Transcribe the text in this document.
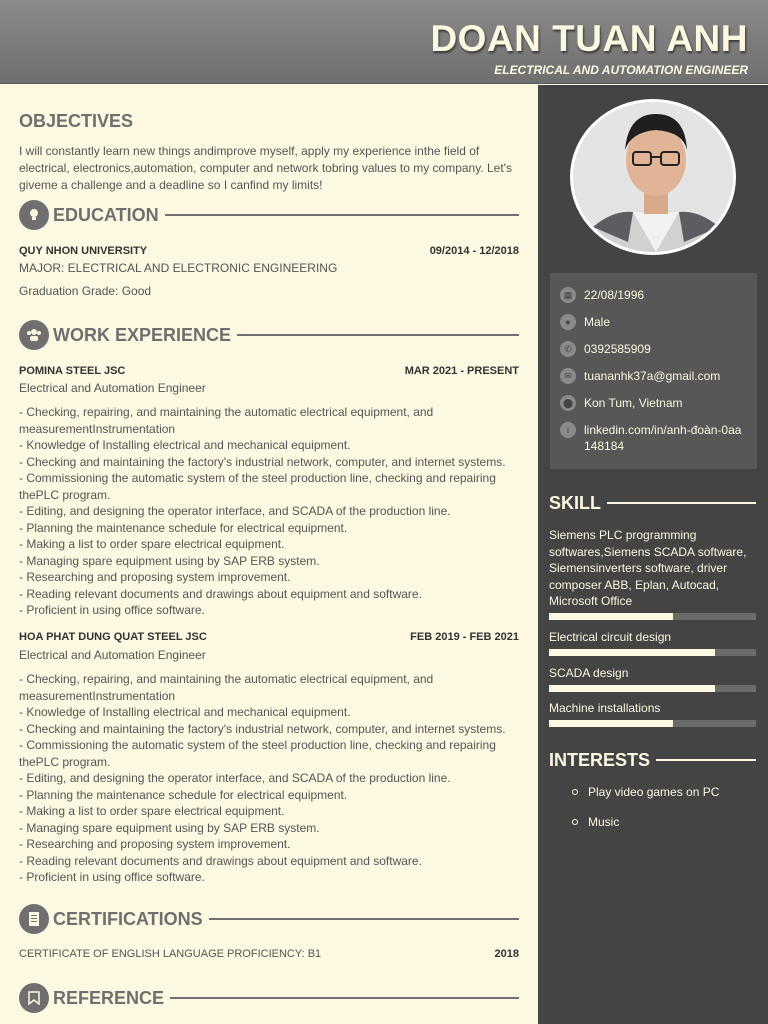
DOAN TUAN ANH
ELECTRICAL AND AUTOMATION ENGINEER
OBJECTIVES
I will constantly learn new things andimprove myself, apply my experience inthe field of electrical, electronics,automation, computer and network tobring values to my company. Let's giveme a challenge and a deadline so I canfind my limits!
EDUCATION
QUY NHON UNIVERSITY	09/2014 - 12/2018
MAJOR: ELECTRICAL AND ELECTRONIC ENGINEERING
Graduation Grade: Good
WORK EXPERIENCE
POMINA STEEL JSC	MAR 2021 - PRESENT
Electrical and Automation Engineer
- Checking, repairing, and maintaining the automatic electrical equipment, and measurementInstrumentation
- Knowledge of Installing electrical and mechanical equipment.
- Checking and maintaining the factory's industrial network, computer, and internet systems.
- Commissioning the automatic system of the steel production line, checking and repairing thePLC program.
- Editing, and designing the operator interface, and SCADA of the production line.
- Planning the maintenance schedule for electrical equipment.
- Making a list to order spare electrical equipment.
- Managing spare equipment using by SAP ERB system.
- Researching and proposing system improvement.
- Reading relevant documents and drawings about equipment and software.
- Proficient in using office software.
HOA PHAT DUNG QUAT STEEL JSC	FEB 2019 - FEB 2021
Electrical and Automation Engineer
- Checking, repairing, and maintaining the automatic electrical equipment, and measurementInstrumentation
- Knowledge of Installing electrical and mechanical equipment.
- Checking and maintaining the factory's industrial network, computer, and internet systems.
- Commissioning the automatic system of the steel production line, checking and repairing thePLC program.
- Editing, and designing the operator interface, and SCADA of the production line.
- Planning the maintenance schedule for electrical equipment.
- Making a list to order spare electrical equipment.
- Managing spare equipment using by SAP ERB system.
- Researching and proposing system improvement.
- Reading relevant documents and drawings about equipment and software.
- Proficient in using office software.
CERTIFICATIONS
CERTIFICATE OF ENGLISH LANGUAGE PROFICIENCY: B1	2018
REFERENCE
▦ 22/08/1996
●	Male
✆	0392585909
✉	tuananhk37a@gmail.com
⬤ Kon Tum, Vietnam
i	linkedin.com/in/anh-đoàn-0aa148184
SKILL
Siemens PLC programming softwares,Siemens SCADA software, Siemensinverters software, driver composer ABB, Eplan, Autocad, Microsoft Office
Electrical circuit design
SCADA design
Machine installations
INTERESTS
Play video games on PC
Music
